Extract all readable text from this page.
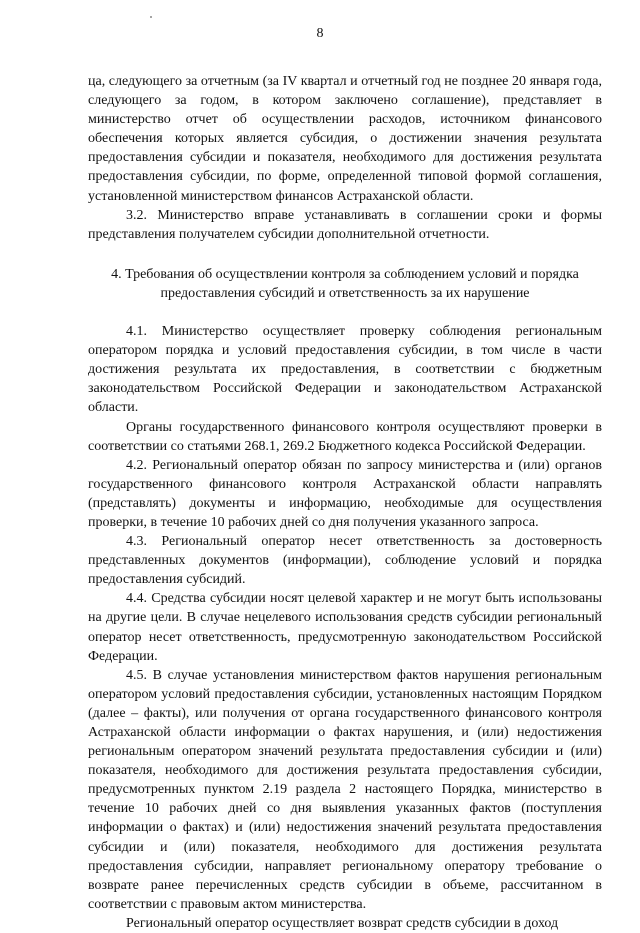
8

ца, следующего за отчетным (за IV квартал и отчетный год не позднее 20 января года, следующего за годом, в котором заключено соглашение), представляет в министерство отчет об осуществлении расходов, источником финансового обеспечения которых является субсидия, о достижении значения результата предоставления субсидии и показателя, необходимого для достижения результата предоставления субсидии, по форме, определенной типовой формой соглашения, установленной министерством финансов Астраханской области.

3.2. Министерство вправе устанавливать в соглашении сроки и формы представления получателем субсидии дополнительной отчетности.

4. Требования об осуществлении контроля за соблюдением условий и порядка предоставления субсидий и ответственность за их нарушение

4.1. Министерство осуществляет проверку соблюдения региональным оператором порядка и условий предоставления субсидии, в том числе в части достижения результата их предоставления, в соответствии с бюджетным законодательством Российской Федерации и законодательством Астраханской области.

Органы государственного финансового контроля осуществляют проверки в соответствии со статьями 268.1, 269.2 Бюджетного кодекса Российской Федерации.

4.2. Региональный оператор обязан по запросу министерства и (или) органов государственного финансового контроля Астраханской области направлять (представлять) документы и информацию, необходимые для осуществления проверки, в течение 10 рабочих дней со дня получения указанного запроса.

4.3. Региональный оператор несет ответственность за достоверность представленных документов (информации), соблюдение условий и порядка предоставления субсидий.

4.4. Средства субсидии носят целевой характер и не могут быть использованы на другие цели. В случае нецелевого использования средств субсидии региональный оператор несет ответственность, предусмотренную законодательством Российской Федерации.

4.5. В случае установления министерством фактов нарушения региональным оператором условий предоставления субсидии, установленных настоящим Порядком (далее – факты), или получения от органа государственного финансового контроля Астраханской области информации о фактах нарушения, и (или) недостижения региональным оператором значений результата предоставления субсидии и (или) показателя, необходимого для достижения результата предоставления субсидии, предусмотренных пунктом 2.19 раздела 2 настоящего Порядка, министерство в течение 10 рабочих дней со дня выявления указанных фактов (поступления информации о фактах) и (или) недостижения значений результата предоставления субсидии и (или) показателя, необходимого для достижения результата предоставления субсидии, направляет региональному оператору требование о возврате ранее перечисленных средств субсидии в объеме, рассчитанном в соответствии с правовым актом министерства.

Региональный оператор осуществляет возврат средств субсидии в доход
